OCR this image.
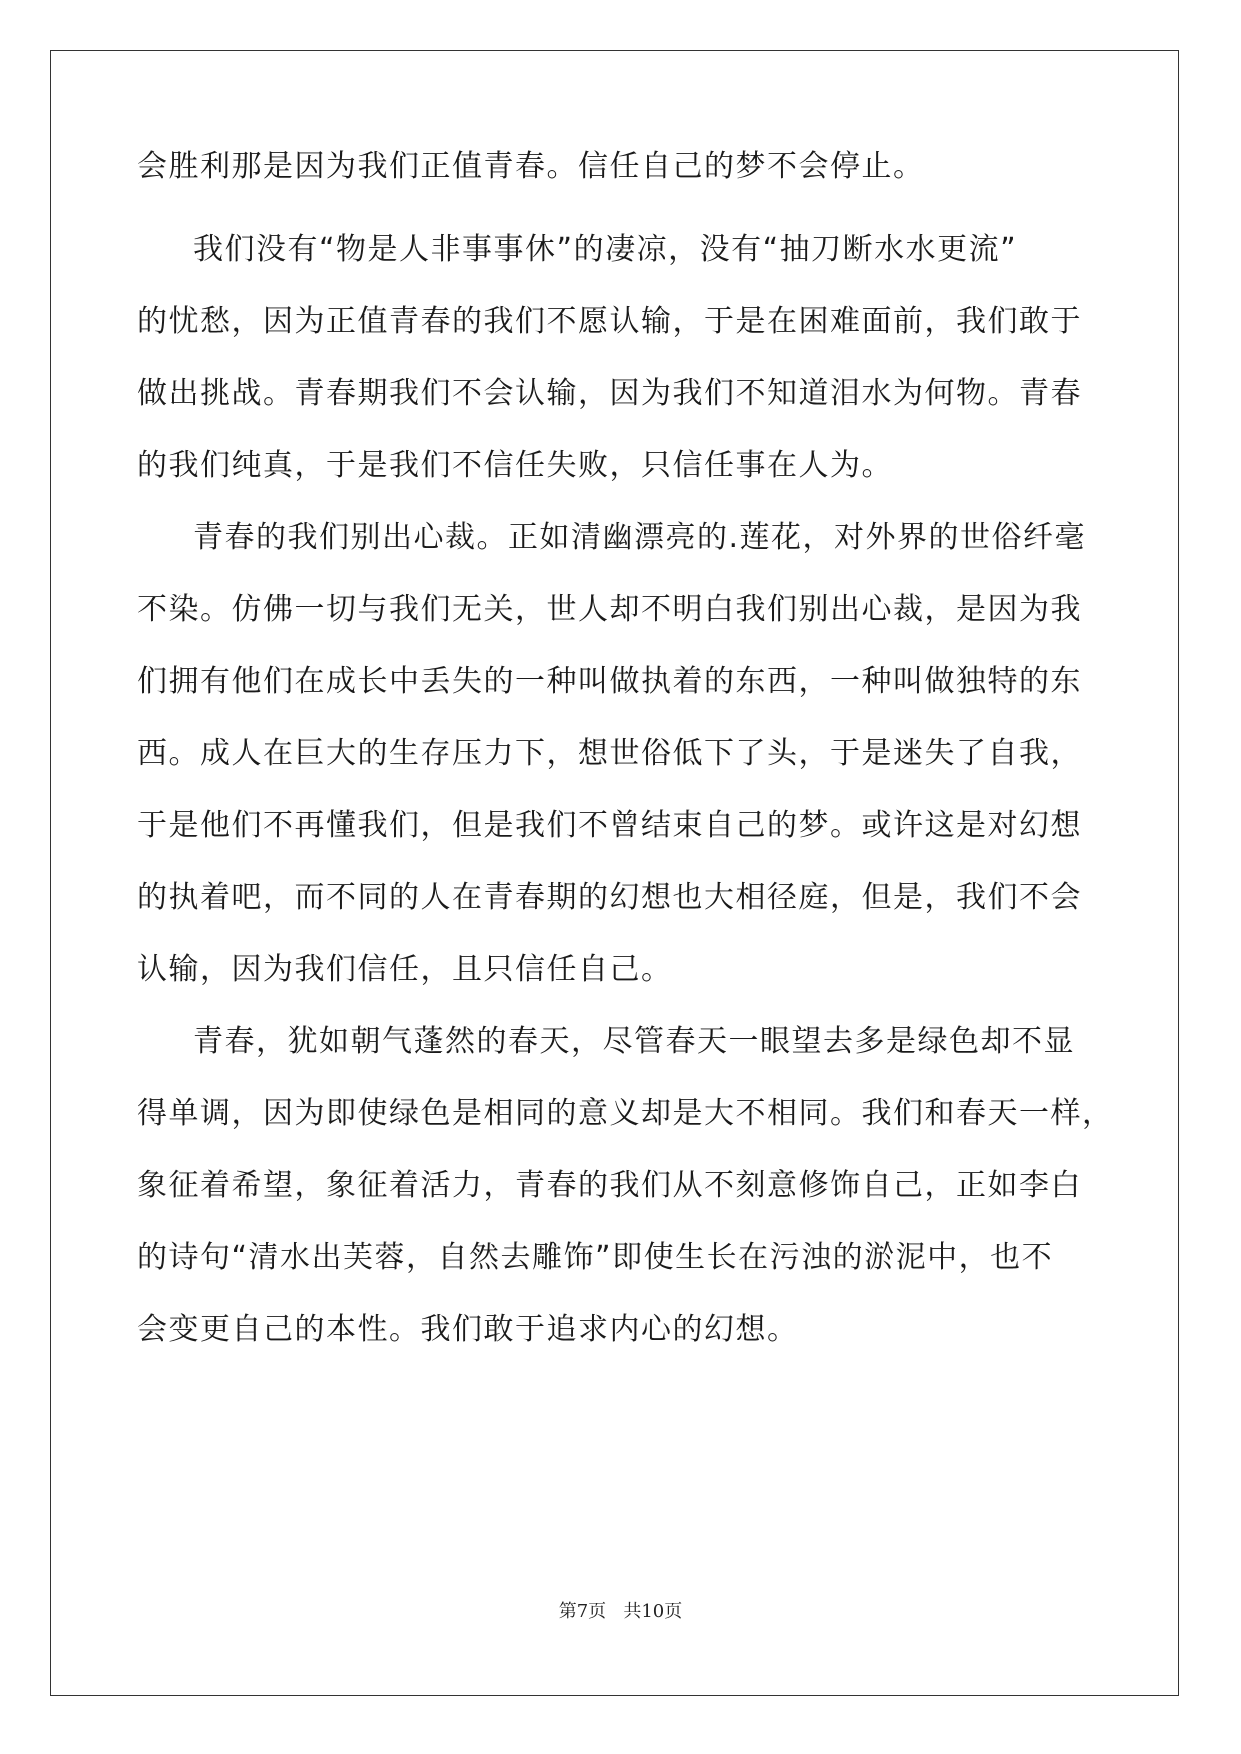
会胜利那是因为我们正值青春。信任自己的梦不会停止。
我们没有“物是人非事事休”的凄凉，没有“抽刀断水水更流”
的忧愁，因为正值青春的我们不愿认输，于是在困难面前，我们敢于
做出挑战。青春期我们不会认输，因为我们不知道泪水为何物。青春
的我们纯真，于是我们不信任失败，只信任事在人为。
青春的我们别出心裁。正如清幽漂亮的.莲花，对外界的世俗纤毫
不染。仿佛一切与我们无关，世人却不明白我们别出心裁，是因为我
们拥有他们在成长中丢失的一种叫做执着的东西，一种叫做独特的东
西。成人在巨大的生存压力下，想世俗低下了头，于是迷失了自我，
于是他们不再懂我们，但是我们不曾结束自己的梦。或许这是对幻想
的执着吧，而不同的人在青春期的幻想也大相径庭，但是，我们不会
认输，因为我们信任，且只信任自己。
青春，犹如朝气蓬然的春天，尽管春天一眼望去多是绿色却不显
得单调，因为即使绿色是相同的意义却是大不相同。我们和春天一样，
象征着希望，象征着活力，青春的我们从不刻意修饰自己，正如李白
的诗句“清水出芙蓉，自然去雕饰”即使生长在污浊的淤泥中，也不
会变更自己的本性。我们敢于追求内心的幻想。
第7页 共10页
